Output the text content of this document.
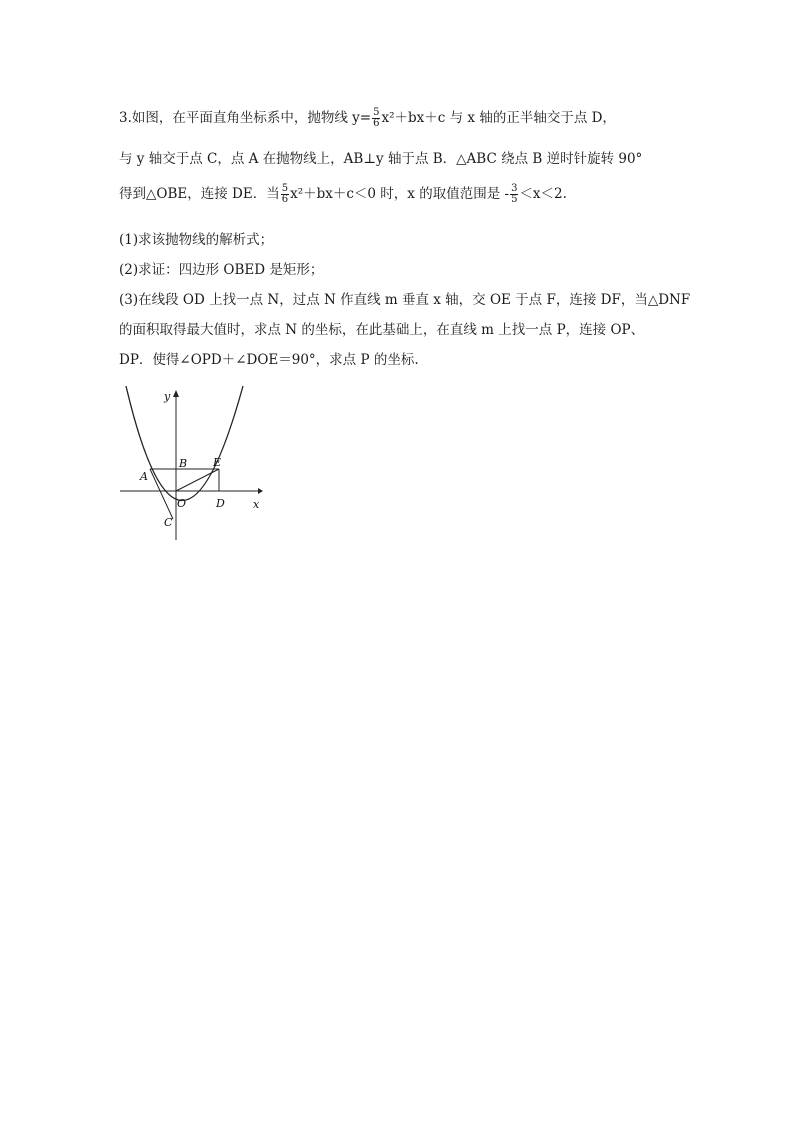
3.如图，在平面直角坐标系中，抛物线 $y= \frac{5}{6} x^2+bx+c$ 与 x 轴的正半轴交于点 D，
与 y 轴交于点 C，点 A 在抛物线上，AB⊥y 轴于点 B．△ABC 绕点 B 逆时针旋转 90°
得到△OBE，连接 DE．当 $\frac{5}{6} x^2+bx+c<0$ 时，x 的取值范围是 - $\frac{3}{5} <x<2$.
(1)求该抛物线的解析式；
(2)求证：四边形 OBED 是矩形；
(3)在线段 OD 上找一点 N，过点 N 作直线 m 垂直 x 轴，交 OE 于点 F，连接 DF，当△DNF
的面积取得最大值时，求点 N 的坐标，在此基础上，在直线 m 上找一点 P，连接 OP、
DP．使得∠OPD＋∠DOE＝90°，求点 P 的坐标.
y
x
A
B E
O	D
C
